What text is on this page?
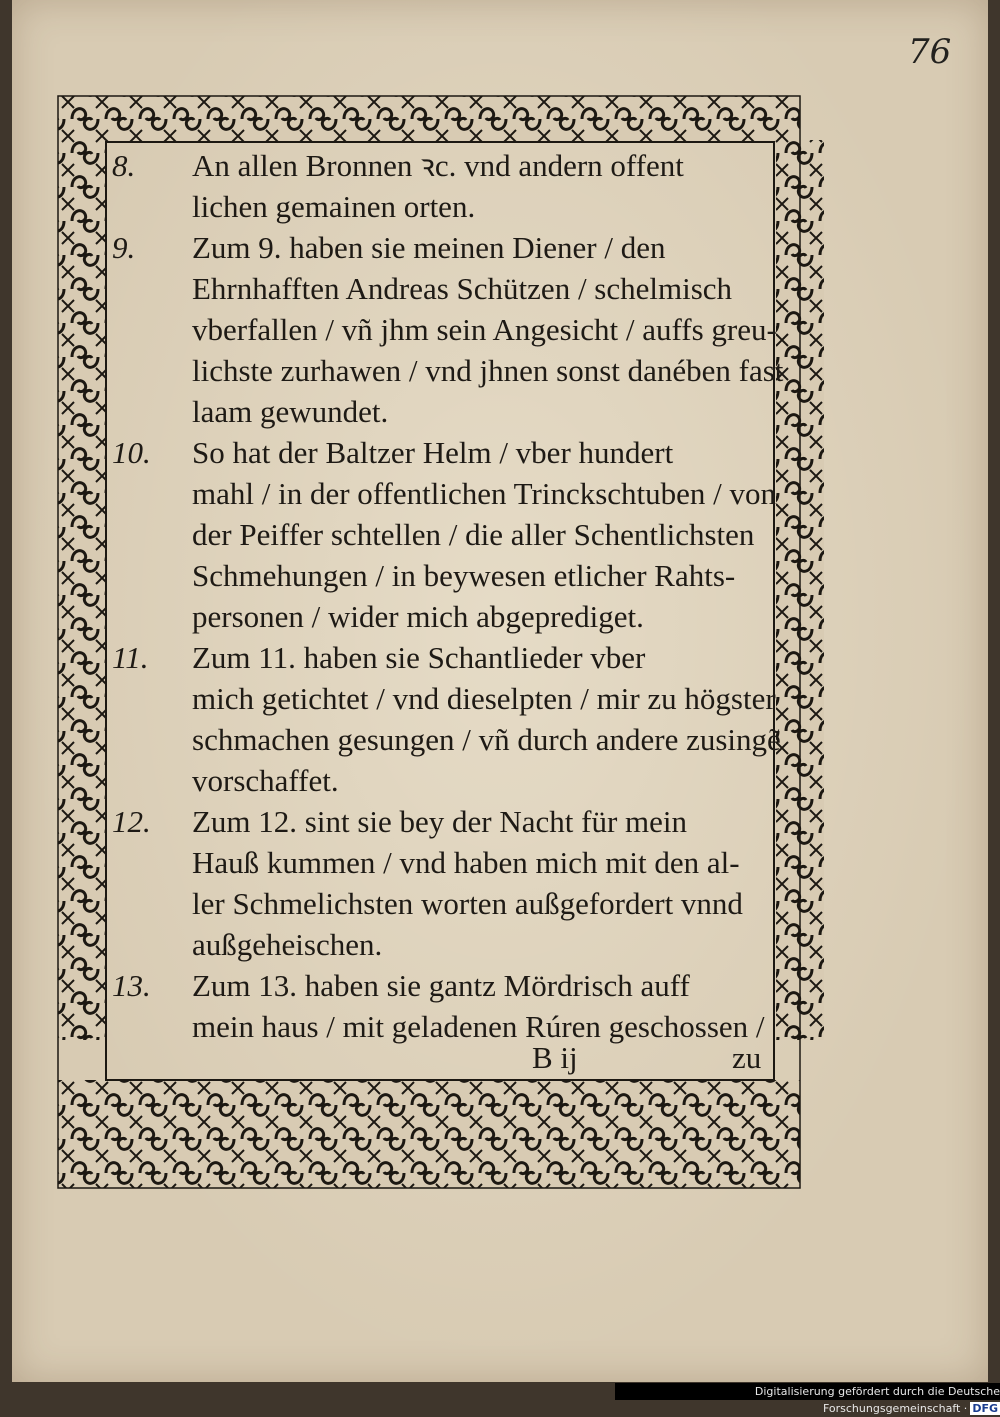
76
8. An allen Bronnen ꝛc. vnd andern offent
lichen gemainen orten.
9. Zum 9. haben sie meinen Diener / den
Ehrnhafften Andreas Schützen / schelmisch
vberfallen / vñ jhm sein Angesicht / auffs greu-
lichste zurhawen / vnd jhnen sonst danében fast
laam gewundet.
10. So hat der Baltzer Helm / vber hundert
mahl / in der offentlichen Trinckschtuben / von
der Peiffer schtellen / die aller Schentlichsten
Schmehungen / in beywesen etlicher Rahts-
personen / wider mich abgeprediget.
11. Zum 11. haben sie Schantlieder vber
mich getichtet / vnd dieselpten / mir zu högster
schmachen gesungen / vñ durch andere zusingẽ
vorschaffet.
12. Zum 12. sint sie bey der Nacht für mein
Hauß kummen / vnd haben mich mit den al-
ler Schmelichsten worten außgefordert vnnd
außgeheischen.
13. Zum 13. haben sie gantz Mördrisch auff
mein haus / mit geladenen Rúren geschossen /
B ij	zu
Digitalisierung gefördert durch die Deutsche Forschungsgemeinschaft · DFG
